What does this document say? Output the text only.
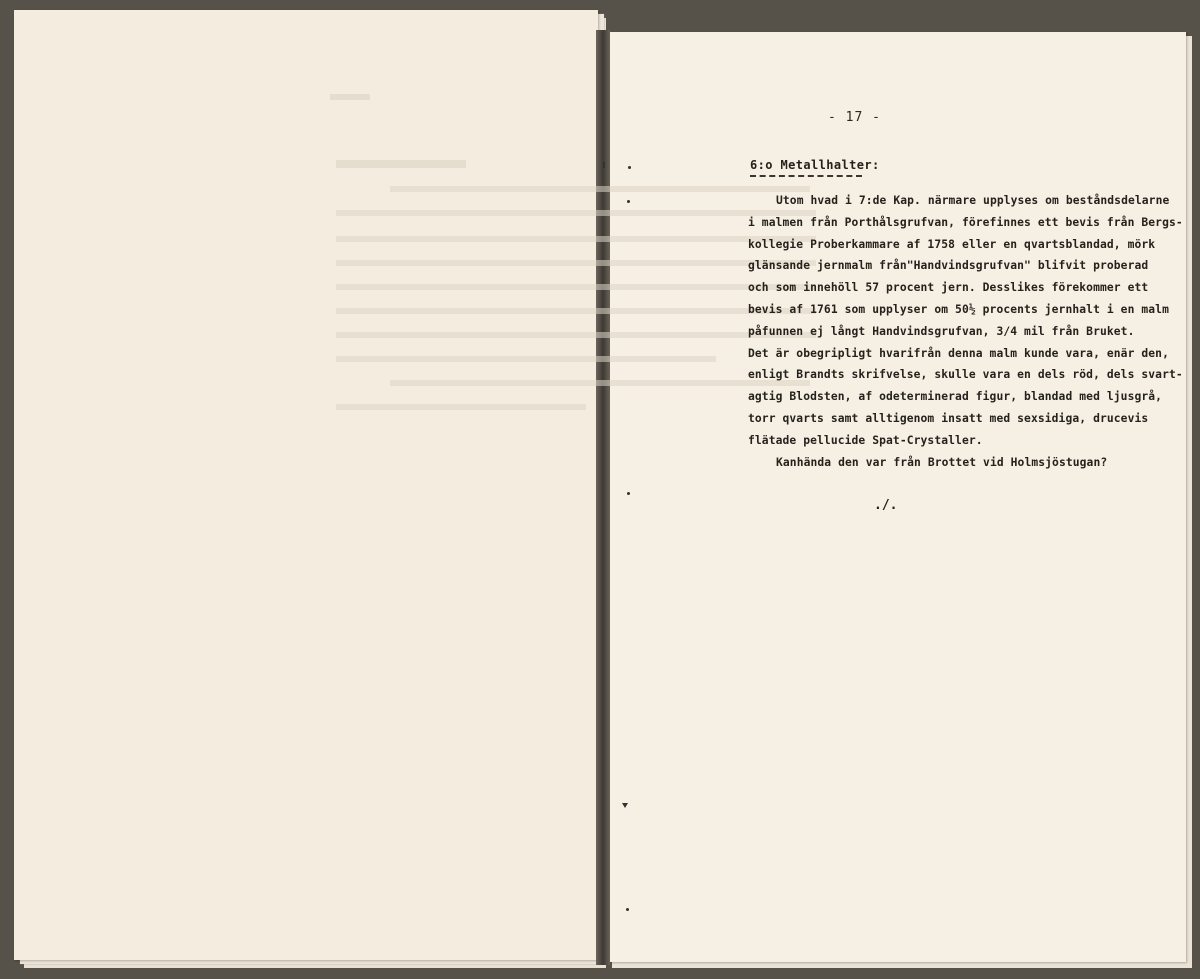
- 17 -
6:o Metallhalter:
Utom hvad i 7:de Kap. närmare upplyses om beståndsdelarne
i malmen från Porthålsgrufvan, förefinnes ett bevis från Bergs-
kollegie Proberkammare af 1758 eller en qvartsblandad, mörk
glänsande jernmalm från"Handvindsgrufvan" blifvit proberad
och som innehöll 57 procent jern. Desslikes förekommer ett
bevis af 1761 som upplyser om 50½ procents jernhalt i en malm
påfunnen ej långt Handvindsgrufvan, 3/4 mil från Bruket.
Det är obegripligt hvarifrån denna malm kunde vara, enär den,
enligt Brandts skrifvelse, skulle vara en dels röd, dels svart-
agtig Blodsten, af odeterminerad figur, blandad med ljusgrå,
torr qvarts samt alltigenom insatt med sexsidiga, drucevis
flätade pellucide Spat-Crystaller.
Kanhända den var från Brottet vid Holmsjöstugan?
./.
